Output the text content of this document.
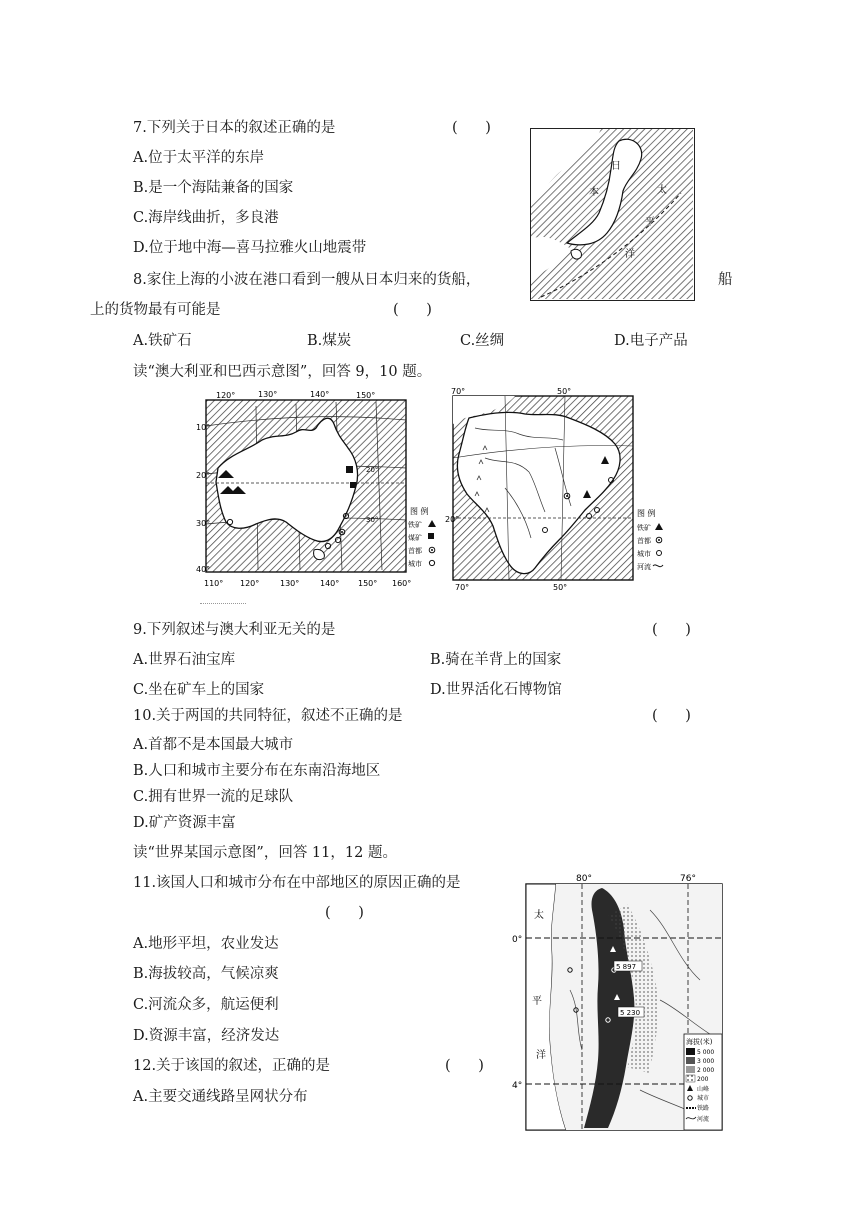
7.下列关于日本的叙述正确的是	(      )
A.位于太平洋的东岸
B.是一个海陆兼备的国家
C.海岸线曲折，多良港
D.位于地中海—喜马拉雅火山地震带
日
本	太
平
洋
8.家住上海的小波在港口看到一艘从日本归来的货船，	船
上的货物最有可能是	(      )
A.铁矿石	B.煤炭	C.丝绸	D.电子产品
读“澳大利亚和巴西示意图”，回答 9，10 题。
120°	130°	140°	150°
110° 120°	130°	140° 150° 160°
10°
20°
30°
40°
20°
30°
图 例
铁矿
煤矿
首都
城市
70°	50°
70°	50°
20°
图 例
铁矿
首都
城市
河流
9.下列叙述与澳大利亚无关的是	(      )
A.世界石油宝库	B.骑在羊背上的国家
C.坐在矿车上的国家	D.世界活化石博物馆
10.关于两国的共同特征，叙述不正确的是	(      )
A.首都不是本国最大城市
B.人口和城市主要分布在东南沿海地区
C.拥有世界一流的足球队
D.矿产资源丰富
读“世界某国示意图”，回答 11，12 题。
11.该国人口和城市分布在中部地区的原因正确的是
(      )
A.地形平坦，农业发达
B.海拔较高，气候凉爽
C.河流众多，航运便利
D.资源丰富，经济发达
12.关于该国的叙述，正确的是	(      )
A.主要交通线路呈网状分布
5 897
5 230
80°	76°
0°
4°
太
平
洋
海拔(米)
5 000
3 000
2 000
200
山峰
城市
铁路
河流
